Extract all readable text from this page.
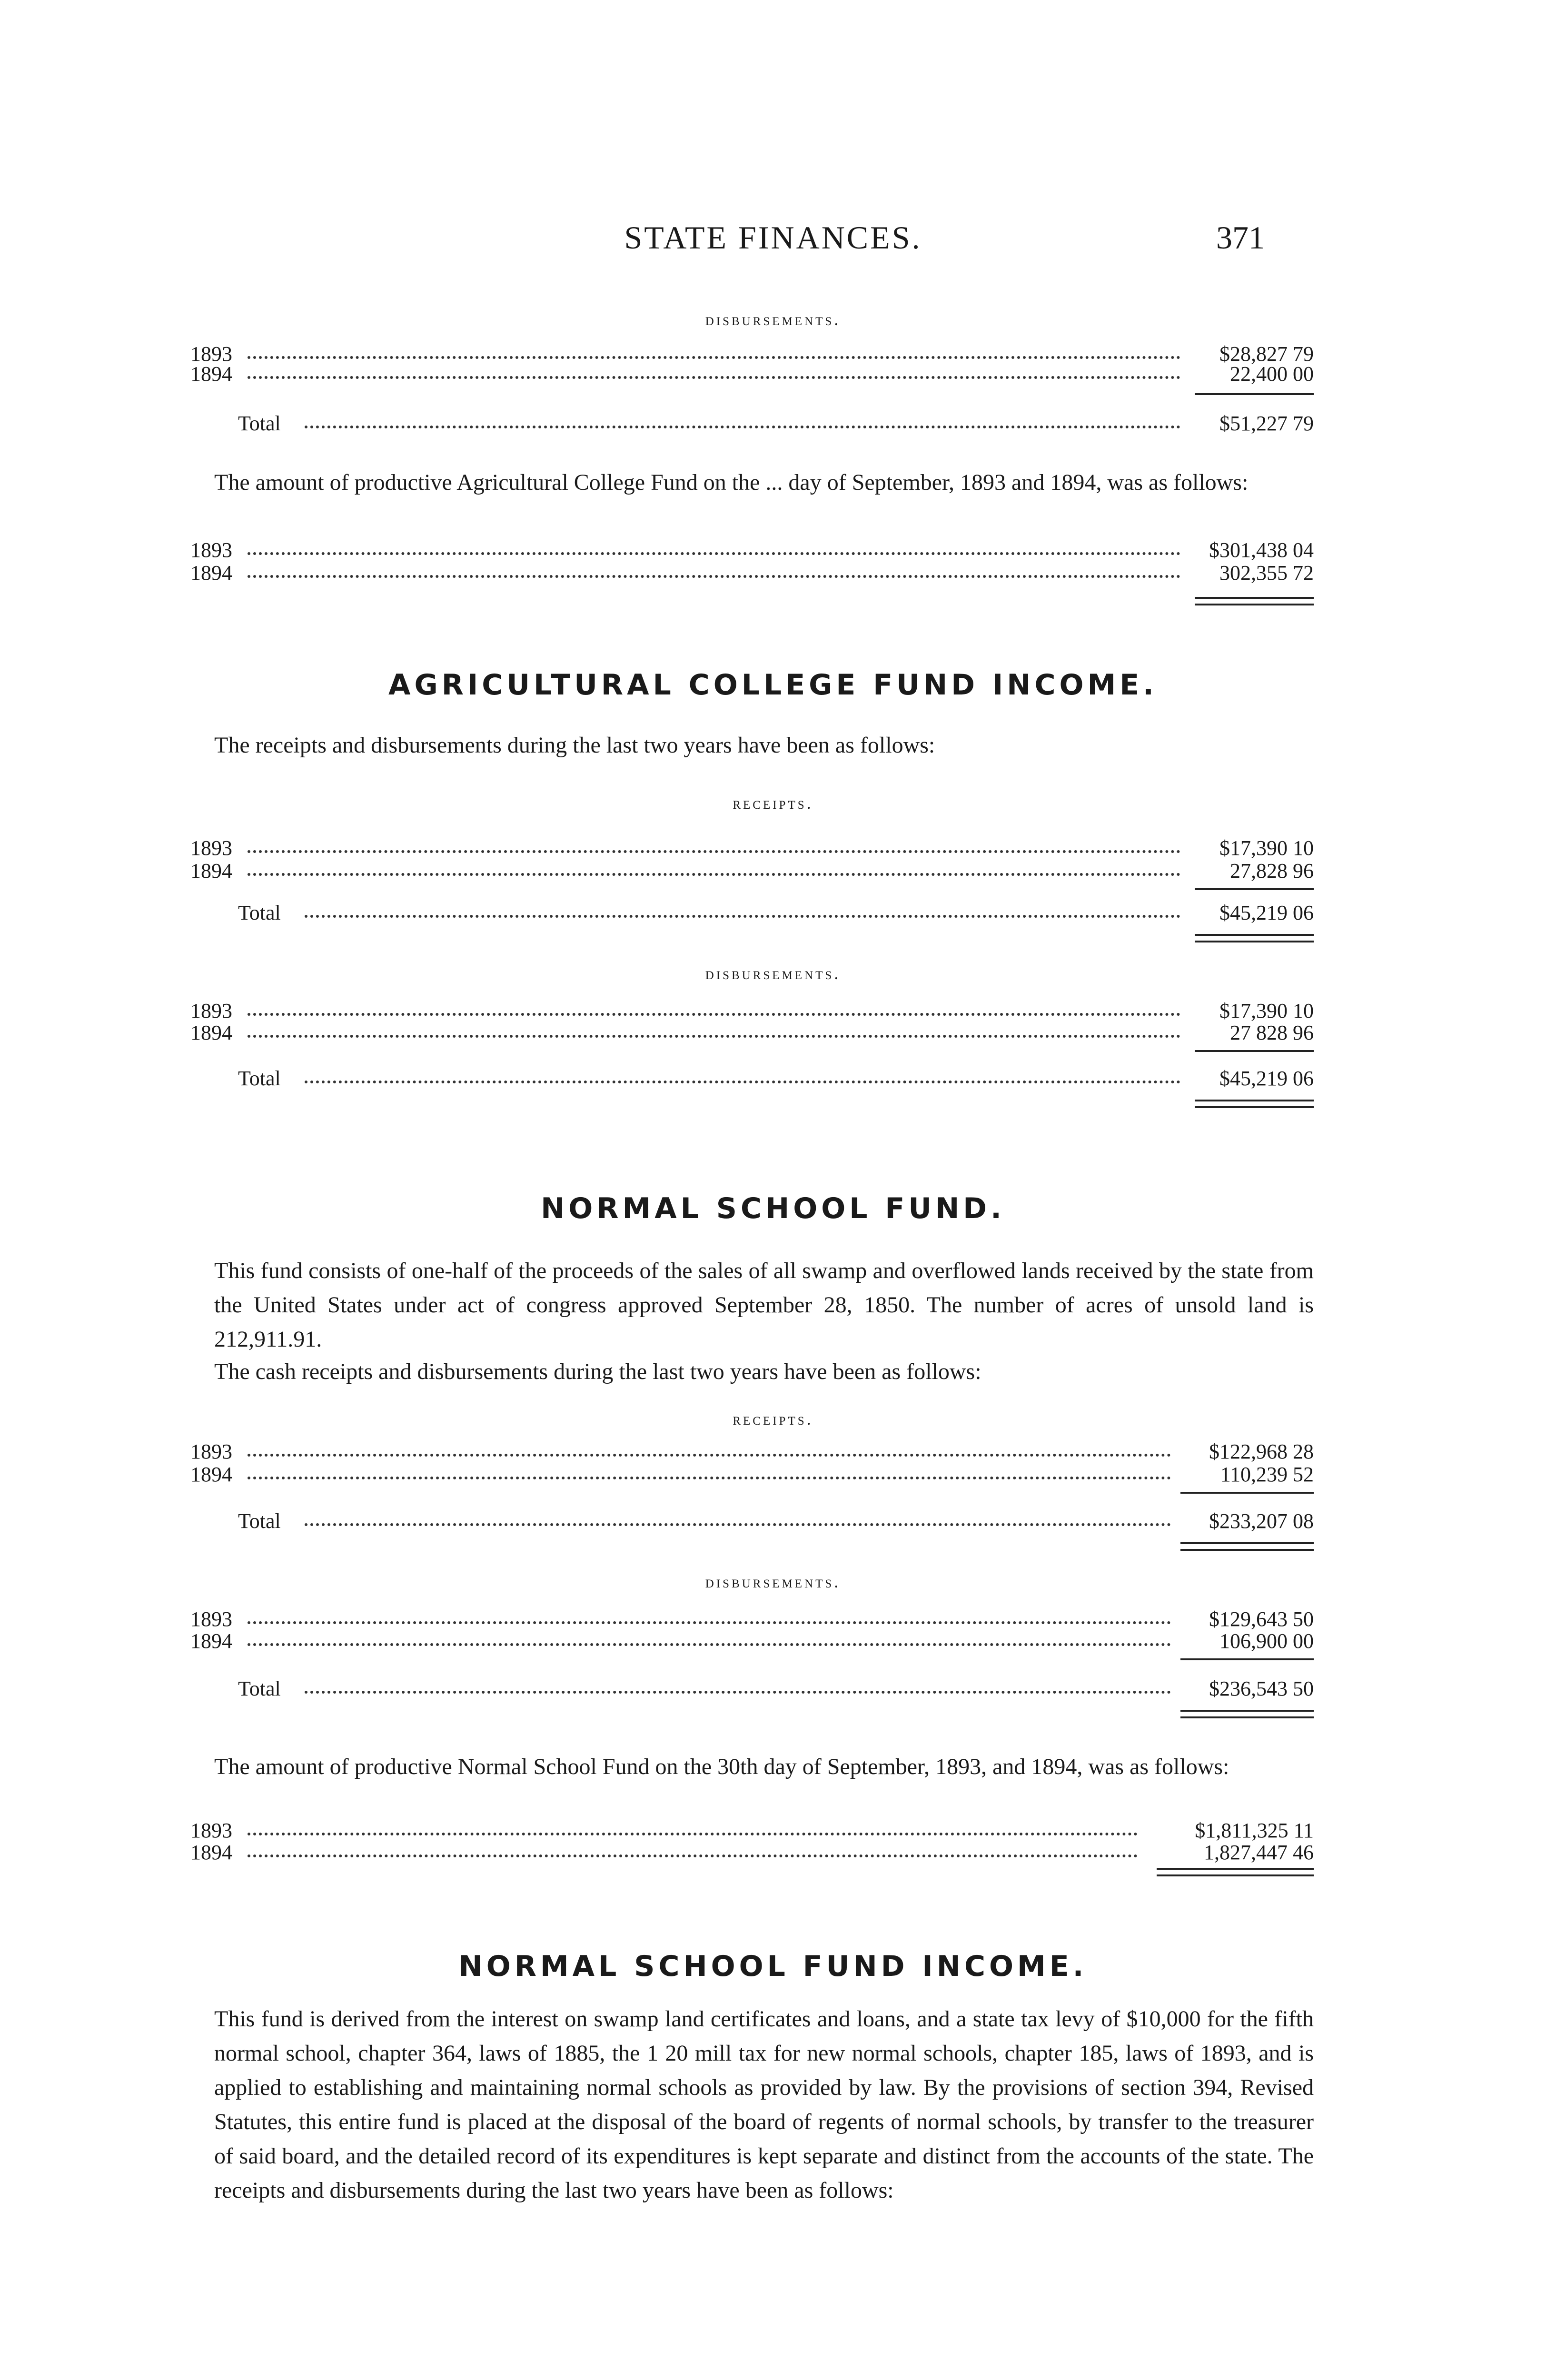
STATE FINANCES.	371
disbursements.
1893	$28,827 79
1894	22,400 00
Total	$51,227 79
The amount of productive Agricultural College Fund on the ... day of September, 1893 and 1894, was as follows:
1893	$301,438 04
1894	302,355 72
AGRICULTURAL COLLEGE FUND INCOME.
The receipts and disbursements during the last two years have been as follows:
receipts.
1893	$17,390 10
1894	27,828 96
Total	$45,219 06
disbursements.
1893	$17,390 10
1894	27 828 96
Total	$45,219 06
NORMAL SCHOOL FUND.
This fund consists of one-half of the proceeds of the sales of all swamp and overflowed lands received by the state from the United States under act of congress approved September 28, 1850. The number of acres of unsold land is 212,911.91.
The cash receipts and disbursements during the last two years have been as follows:
receipts.
1893	$122,968 28
1894	110,239 52
Total	$233,207 08
disbursements.
1893	$129,643 50
1894	106,900 00
Total	$236,543 50
The amount of productive Normal School Fund on the 30th day of September, 1893, and 1894, was as follows:
1893	$1,811,325 11
1894	1,827,447 46
NORMAL SCHOOL FUND INCOME.
This fund is derived from the interest on swamp land certificates and loans, and a state tax levy of $10,000 for the fifth normal school, chapter 364, laws of 1885, the 1 20 mill tax for new normal schools, chapter 185, laws of 1893, and is applied to establishing and maintaining normal schools as provided by law. By the provisions of section 394, Revised Statutes, this entire fund is placed at the disposal of the board of regents of normal schools, by transfer to the treasurer of said board, and the detailed record of its expenditures is kept separate and distinct from the accounts of the state. The receipts and disbursements during the last two years have been as follows:
